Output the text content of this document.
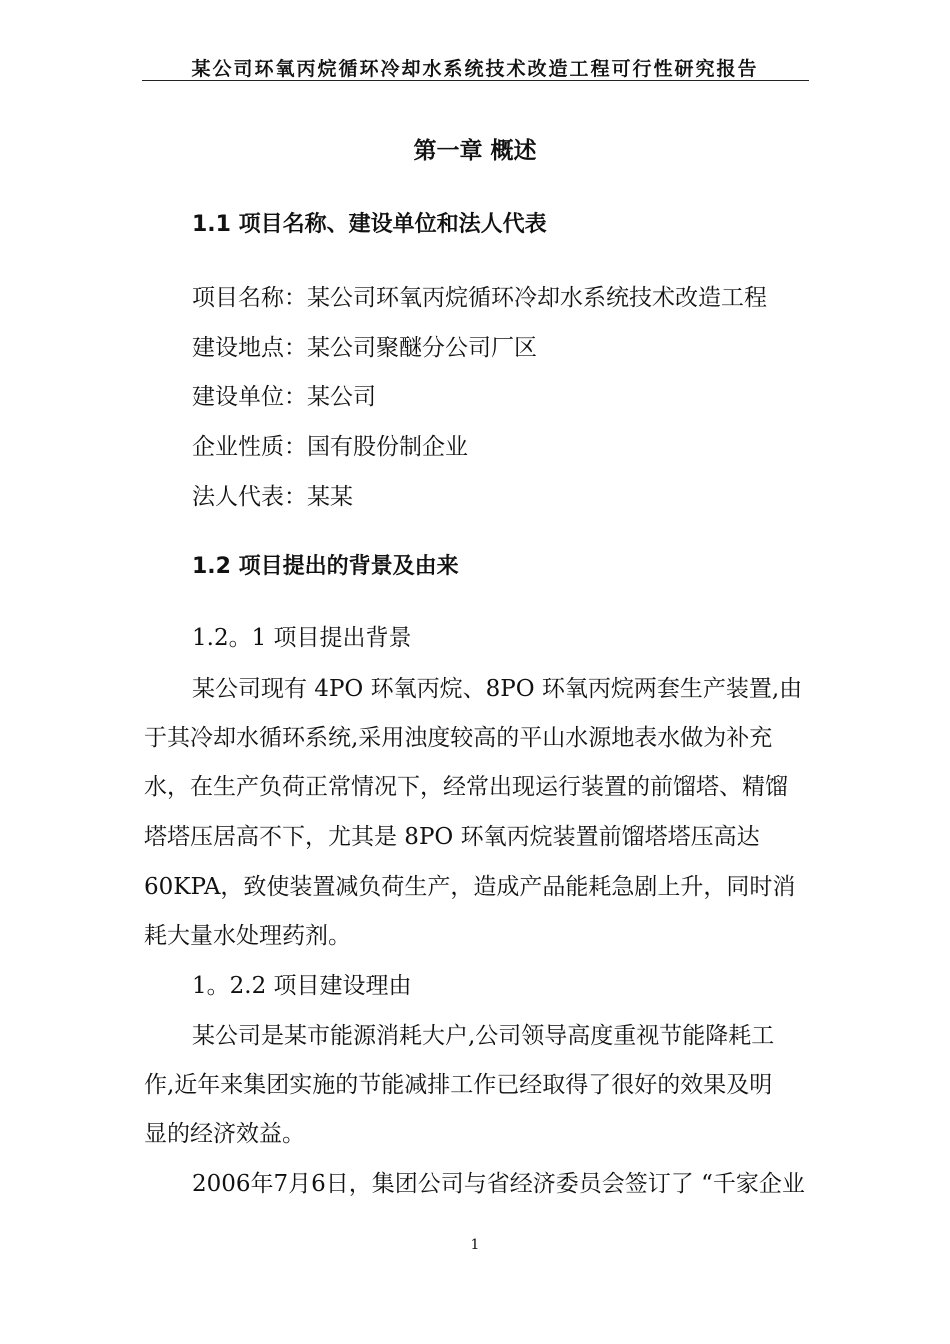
某公司环氧丙烷循环冷却水系统技术改造工程可行性研究报告
第一章 概述
1.1 项目名称、建设单位和法人代表
项目名称：某公司环氧丙烷循环冷却水系统技术改造工程
建设地点：某公司聚醚分公司厂区
建设单位：某公司
企业性质：国有股份制企业
法人代表：某某
1.2 项目提出的背景及由来
1.2。1 项目提出背景
某公司现有 4PO 环氧丙烷、8PO 环氧丙烷两套生产装置,由
于其冷却水循环系统,采用浊度较高的平山水源地表水做为补充
水，在生产负荷正常情况下，经常出现运行装置的前馏塔、精馏
塔塔压居高不下，尤其是 8PO 环氧丙烷装置前馏塔塔压高达
60KPA，致使装置减负荷生产，造成产品能耗急剧上升，同时消
耗大量水处理药剂。
1。2.2 项目建设理由
某公司是某市能源消耗大户,公司领导高度重视节能降耗工
作,近年来集团实施的节能减排工作已经取得了很好的效果及明
显的经济效益。
2006年7月6日，集团公司与省经济委员会签订了 “千家企业
1
